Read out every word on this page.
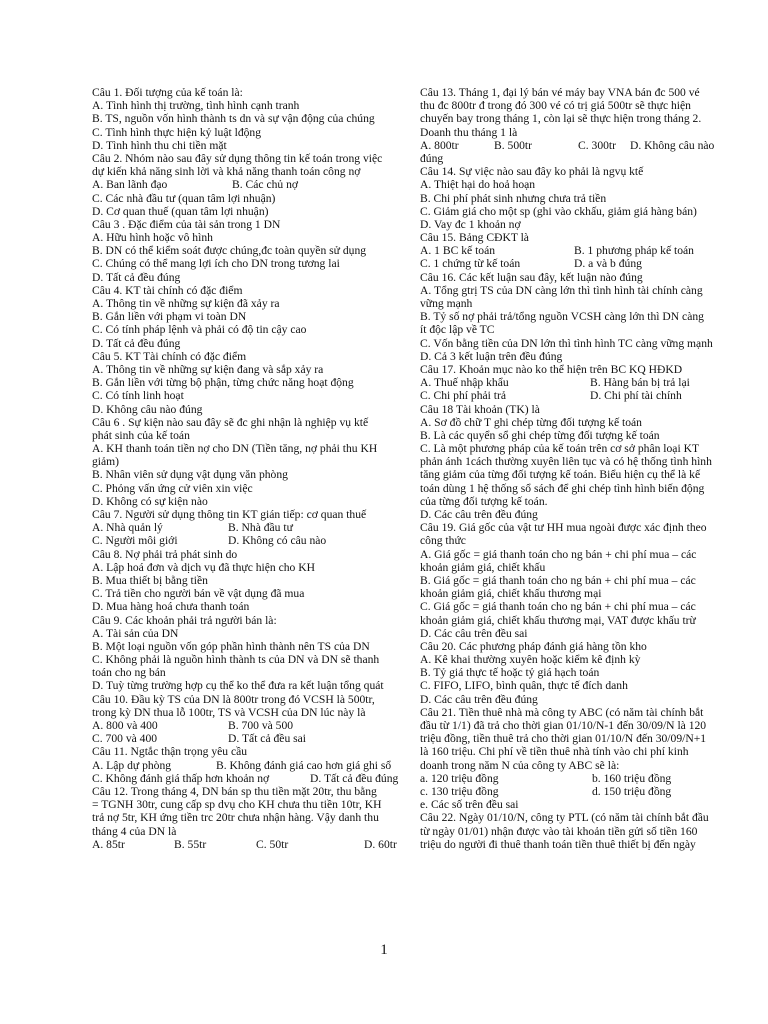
Câu 1. Đối tượng của kế toán là:
A. Tình hình thị trường, tình hình cạnh tranh
B. TS, nguồn vốn hình thành ts dn và sự vận động của chúng
C. Tình hình thực hiện kỷ luật lđộng
D. Tình hình thu chi tiền mặt
Câu 2. Nhóm nào sau đây sử dụng thông tin kế toán trong việc
dự kiến khả năng sinh lời và khả năng thanh toán công nợ
A. Ban lãnh đạo	B. Các chủ nợ
C. Các nhà đầu tư (quan tâm lợi nhuận)
D. Cơ quan thuế (quan tâm lợi nhuận)
Câu 3 . Đặc điểm của tài sản trong 1 DN
A. Hữu hình hoặc vô hình
B. DN có thể kiểm soát được chúng,đc toàn quyền sử dụng
C. Chúng có thể mang lợi ích cho DN trong tương lai
D. Tất cả đều đúng
Câu 4. KT tài chính có đặc điểm
A. Thông tin về những sự kiện đã xảy ra
B. Gắn liền với phạm vi toàn DN
C. Có tính pháp lệnh và phải có độ tin cậy cao
D. Tất cả đều đúng
Câu 5. KT Tài chính có đặc điểm
A. Thông tin về những sự kiện đang và sắp xảy ra
B. Gắn liền với từng bộ phận, từng chức năng hoạt động
C. Có tính linh hoạt
D. Không câu nào đúng
Câu 6 . Sự kiện nào sau đây sẽ đc ghi nhận là nghiệp vụ ktế
phát sinh của kế toán
A. KH thanh toán tiền nợ cho DN (Tiền tăng, nợ phải thu KH
giảm)
B. Nhân viên sử dụng vật dụng văn phòng
C. Phỏng vấn ứng cử viên xin việc
D. Không có sự kiện nào
Câu 7. Người sử dụng thông tin KT gián tiếp: cơ quan thuế
A. Nhà quản lý	B. Nhà đầu tư
C. Người môi giới	D. Không có câu nào
Câu 8. Nợ phải trả phát sinh do
A. Lập hoá đơn và dịch vụ đã thực hiện cho KH
B. Mua thiết bị bằng tiền
C. Trả tiền cho người bán về vật dụng đã mua
D. Mua hàng hoá chưa thanh toán
Câu 9. Các khoản phải trả người bán là:
A. Tài sản của DN
B. Một loại nguồn vốn góp phần hình thành nên TS của DN
C. Không phải là nguồn hình thành ts của DN và DN sẽ thanh
toán cho ng bán
D. Tuỳ từng trường hợp cụ thể ko thể đưa ra kết luận tổng quát
Câu 10. Đầu kỳ TS của DN là 800tr trong đó VCSH là 500tr,
trong kỳ DN thua lỗ 100tr, TS và VCSH của DN lúc này là
A. 800 và 400	B. 700 và 500
C. 700 và 400	D. Tất cả đều sai
Câu 11. Ngtắc thận trọng yêu cầu
A. Lập dự phòng	B. Không đánh giá cao hơn giá ghi sổ
C. Không đánh giá thấp hơn khoản nợ	D. Tất cả đều đúng
Câu 12. Trong tháng 4, DN bán sp thu tiền mặt 20tr, thu bằng
= TGNH 30tr, cung cấp sp dvụ cho KH chưa thu tiền 10tr, KH
trả nợ 5tr, KH ứng tiền trc 20tr chưa nhận hàng. Vậy danh thu
tháng 4 của DN là
A. 85tr	B. 55tr	C. 50tr	D. 60tr
Câu 13. Tháng 1, đại lý bán vé máy bay VNA bán đc 500 vé
thu đc 800tr đ trong đó 300 vé có trị giá 500tr sẽ thực hiện
chuyến bay trong tháng 1, còn lại sẽ thực hiện trong tháng 2.
Doanh thu tháng 1 là
A. 800tr	B. 500tr	C. 300tr	D. Không câu nào
đúng
Câu 14. Sự việc nào sau đây ko phải là ngvụ ktế
A. Thiệt hại do hoả hoạn
B. Chi phí phát sinh nhưng chưa trả tiền
C. Giảm giá cho một sp (ghi vào ckhấu, giảm giá hàng bán)
D. Vay đc 1 khoản nợ
Câu 15. Bảng CĐKT là
A. 1 BC kế toán	B. 1 phương pháp kế toán
C. 1 chứng từ kế toán	D. a và b đúng
Câu 16. Các kết luận sau đây, kết luận nào đúng
A. Tổng gtrị TS của DN càng lớn thì tình hình tài chính càng
vững mạnh
B. Tỷ số nợ phải trả/tổng nguồn VCSH càng lớn thì DN càng
ít độc lập về TC
C. Vốn bằng tiền của DN lớn thì tình hình TC càng vững mạnh
D. Cả 3 kết luận trên đều đúng
Câu 17. Khoản mục nào ko thể hiện trên BC KQ HĐKD
A. Thuế nhập khẩu	B. Hàng bán bị trả lại
C. Chi phí phải trả	D. Chi phí tài chính
Câu 18 Tài khoản (TK) là
A. Sơ đồ chữ T ghi chép từng đối tượng kế toán
B. Là các quyển sổ ghi chép từng đối tượng kế toán
C. Là một phương pháp của kế toán trên cơ sở phân loại KT
phản ánh 1cách thường xuyên liên tục và có hệ thống tình hình
tăng giảm của từng đối tượng kế toán. Biểu hiện cụ thể là kế
toán dùng 1 hệ thống sổ sách để ghi chép tình hình biến động
của từng đối tượng kế toán.
D. Các câu trên đều đúng
Câu 19. Giá gốc của vật tư HH mua ngoài được xác định theo
công thức
A. Giá gốc = giá thanh toán cho ng bán + chi phí mua – các
khoản giảm giá, chiết khấu
B. Giá gốc = giá thanh toán cho ng bán + chi phí mua – các
khoản giảm giá, chiết khấu thương mại
C. Giá gốc = giá thanh toán cho ng bán + chi phí mua – các
khoản giảm giá, chiết khấu thương mại, VAT được khấu trừ
D. Các câu trên đều sai
Câu 20. Các phương pháp đánh giá hàng tồn kho
A. Kê khai thường xuyên hoặc kiểm kê định kỳ
B. Tỷ giá thực tế hoặc tỷ giá hạch toán
C. FIFO, LIFO, bình quân, thực tế đích danh
D. Các câu trên đều đúng
Câu 21. Tiền thuê nhà mà công ty ABC (có năm tài chính bắt
đầu từ 1/1) đã trả cho thời gian 01/10/N-1 đến 30/09/N là 120
triệu đồng, tiền thuê trả cho thời gian 01/10/N đến 30/09/N+1
là 160 triệu. Chi phí về tiền thuê nhà tính vào chi phí kinh
doanh trong năm N của công ty ABC sẽ là:
a. 120 triệu đồng	b. 160 triệu đồng
c. 130 triệu đồng	d. 150 triệu đồng
e. Các số trên đều sai
Câu 22. Ngày 01/10/N, công ty PTL (có năm tài chính bắt đầu
từ ngày 01/01) nhận được vào tài khoản tiền gửi số tiền 160
triệu do người đi thuê thanh toán tiền thuê thiết bị đến ngày
1
